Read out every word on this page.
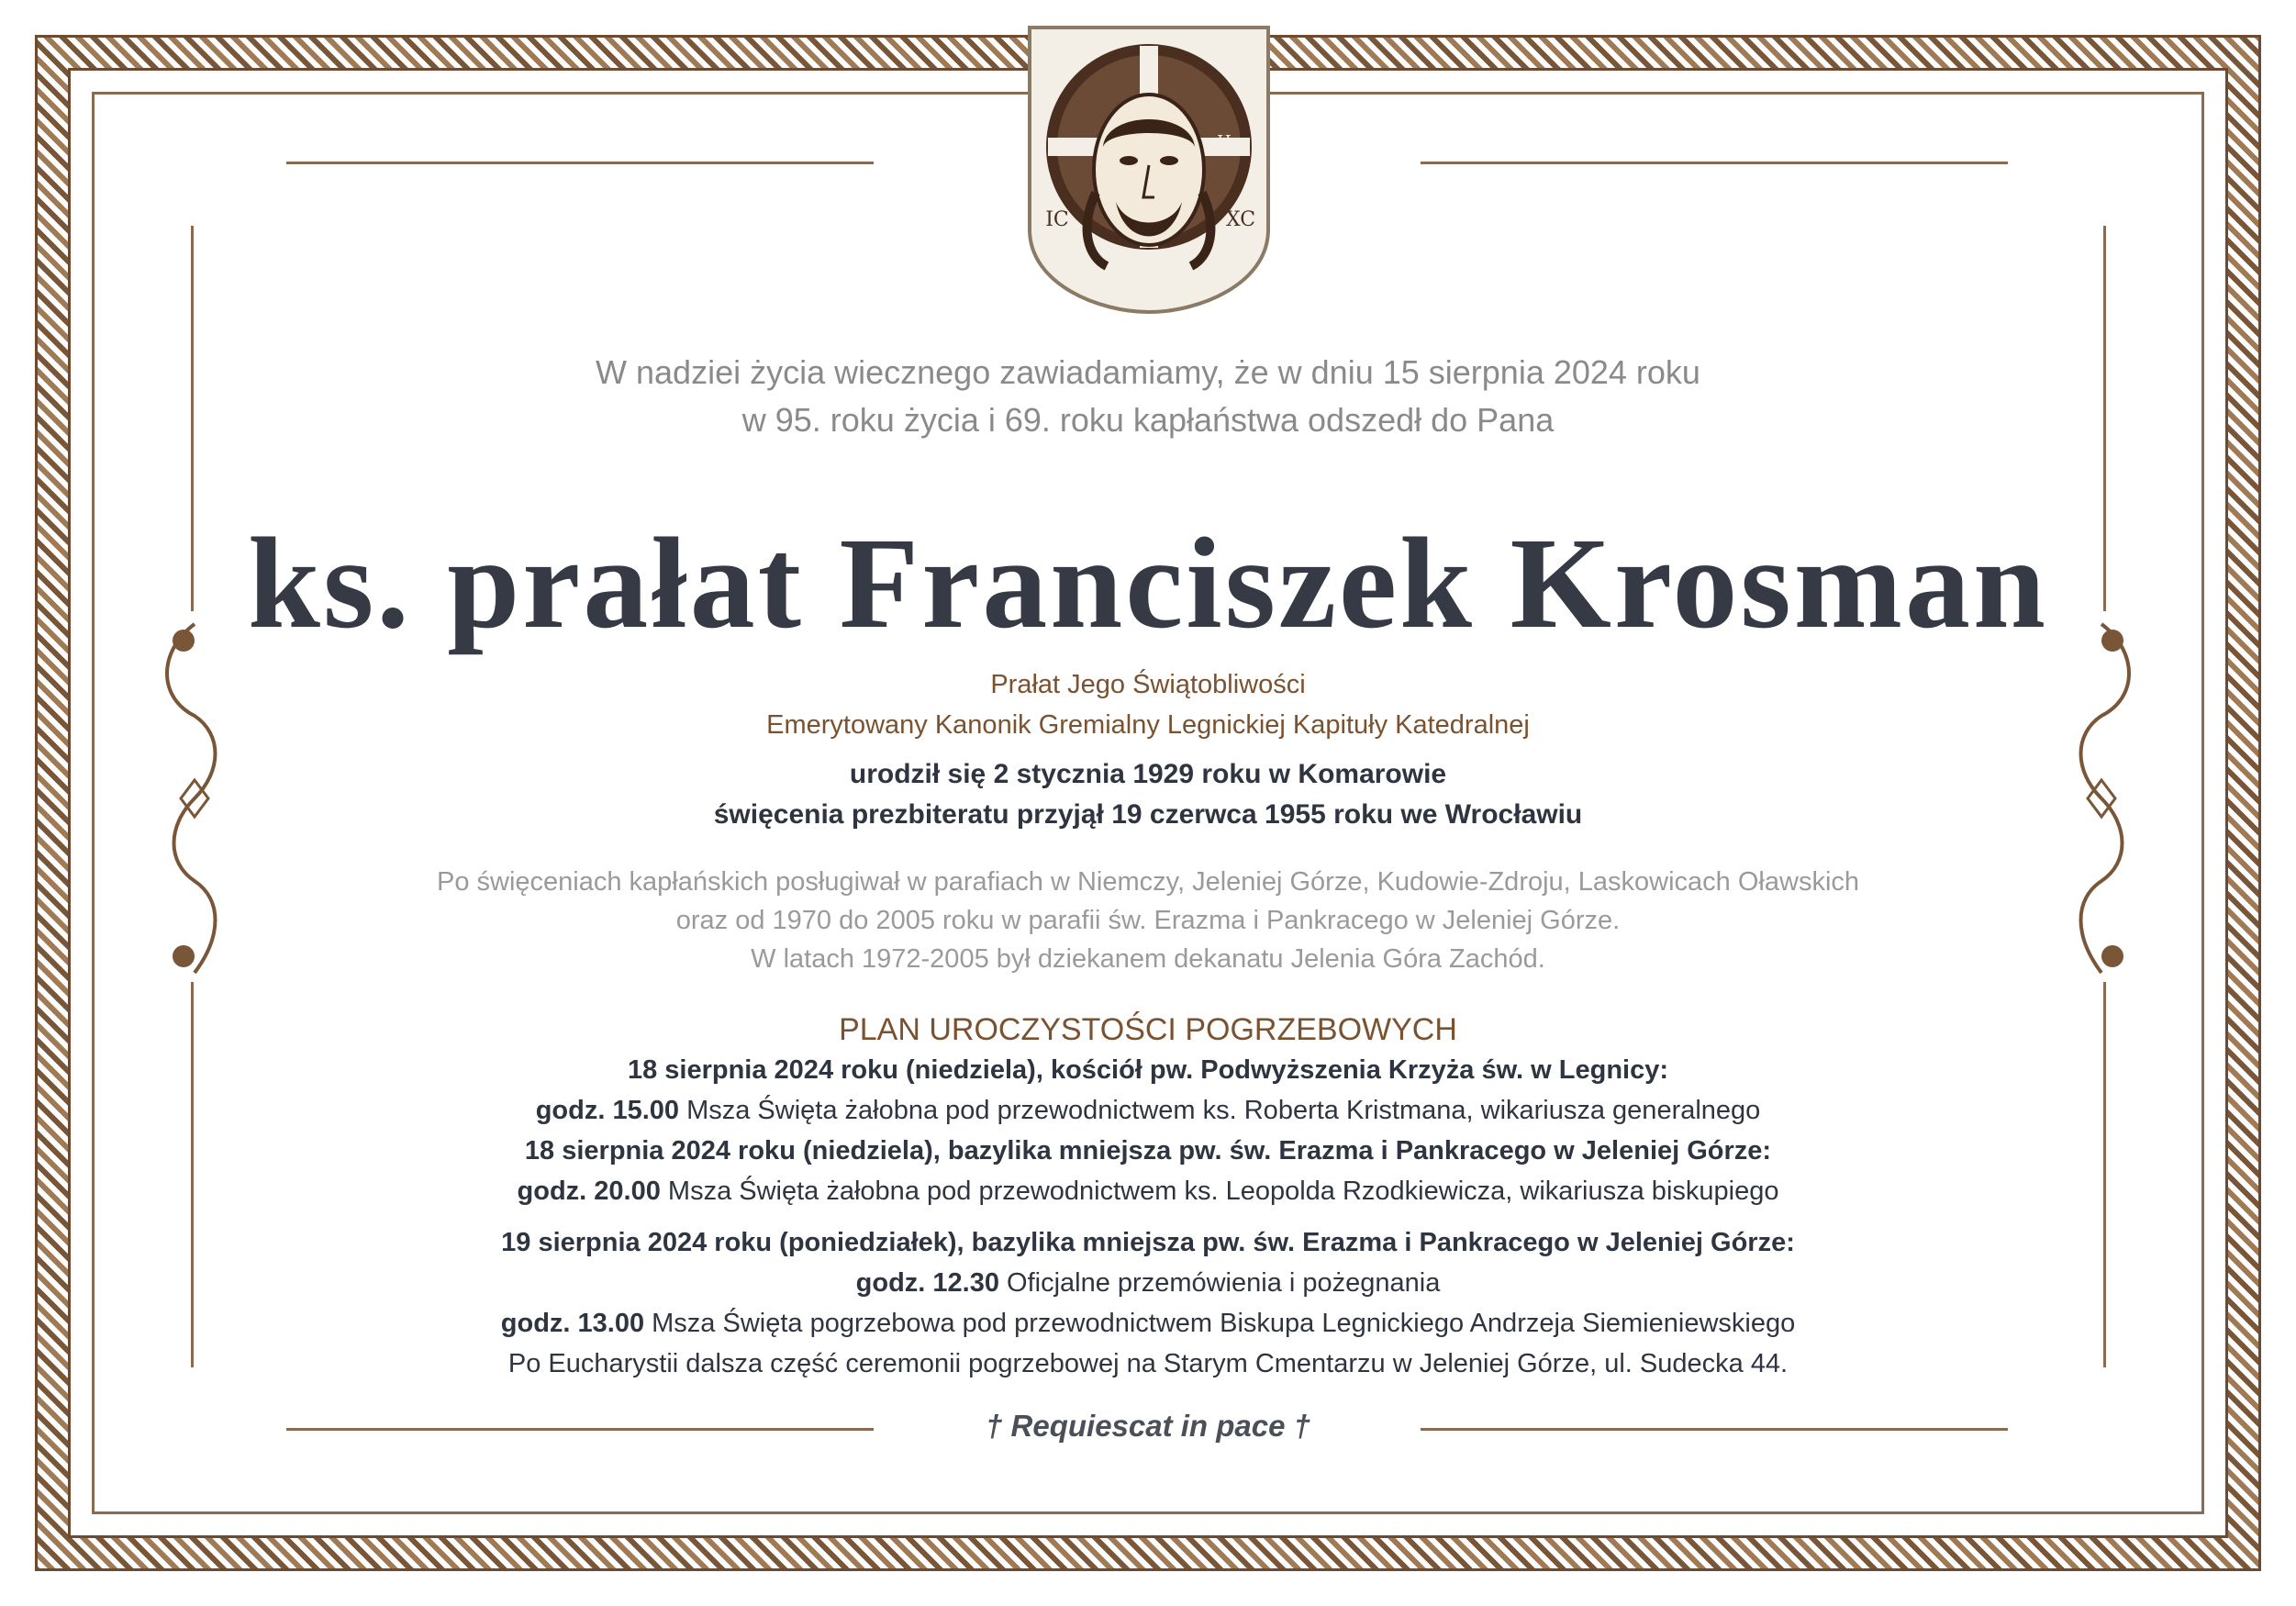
A
ω	H
IC	XC
W nadziei życia wiecznego zawiadamiamy, że w dniu 15 sierpnia 2024 roku
w 95. roku życia i 69. roku kapłaństwa odszedł do Pana
ks. prałat Franciszek Krosman
Prałat Jego Świątobliwości
Emerytowany Kanonik Gremialny Legnickiej Kapituły Katedralnej
urodził się 2 stycznia 1929 roku w Komarowie
święcenia prezbiteratu przyjął 19 czerwca 1955 roku we Wrocławiu
Po święceniach kapłańskich posługiwał w parafiach w Niemczy, Jeleniej Górze, Kudowie-Zdroju, Laskowicach Oławskich
oraz od 1970 do 2005 roku w parafii św. Erazma i Pankracego w Jeleniej Górze.
W latach 1972-2005 był dziekanem dekanatu Jelenia Góra Zachód.
PLAN UROCZYSTOŚCI POGRZEBOWYCH
18 sierpnia 2024 roku (niedziela), kościół pw. Podwyższenia Krzyża św. w Legnicy:
godz. 15.00 Msza Święta żałobna pod przewodnictwem ks. Roberta Kristmana, wikariusza generalnego
18 sierpnia 2024 roku (niedziela), bazylika mniejsza pw. św. Erazma i Pankracego w Jeleniej Górze:
godz. 20.00 Msza Święta żałobna pod przewodnictwem ks. Leopolda Rzodkiewicza, wikariusza biskupiego
19 sierpnia 2024 roku (poniedziałek), bazylika mniejsza pw. św. Erazma i Pankracego w Jeleniej Górze:
godz. 12.30 Oficjalne przemówienia i pożegnania
godz. 13.00 Msza Święta pogrzebowa pod przewodnictwem Biskupa Legnickiego Andrzeja Siemieniewskiego
Po Eucharystii dalsza część ceremonii pogrzebowej na Starym Cmentarzu w Jeleniej Górze, ul. Sudecka 44.
† Requiescat in pace †
